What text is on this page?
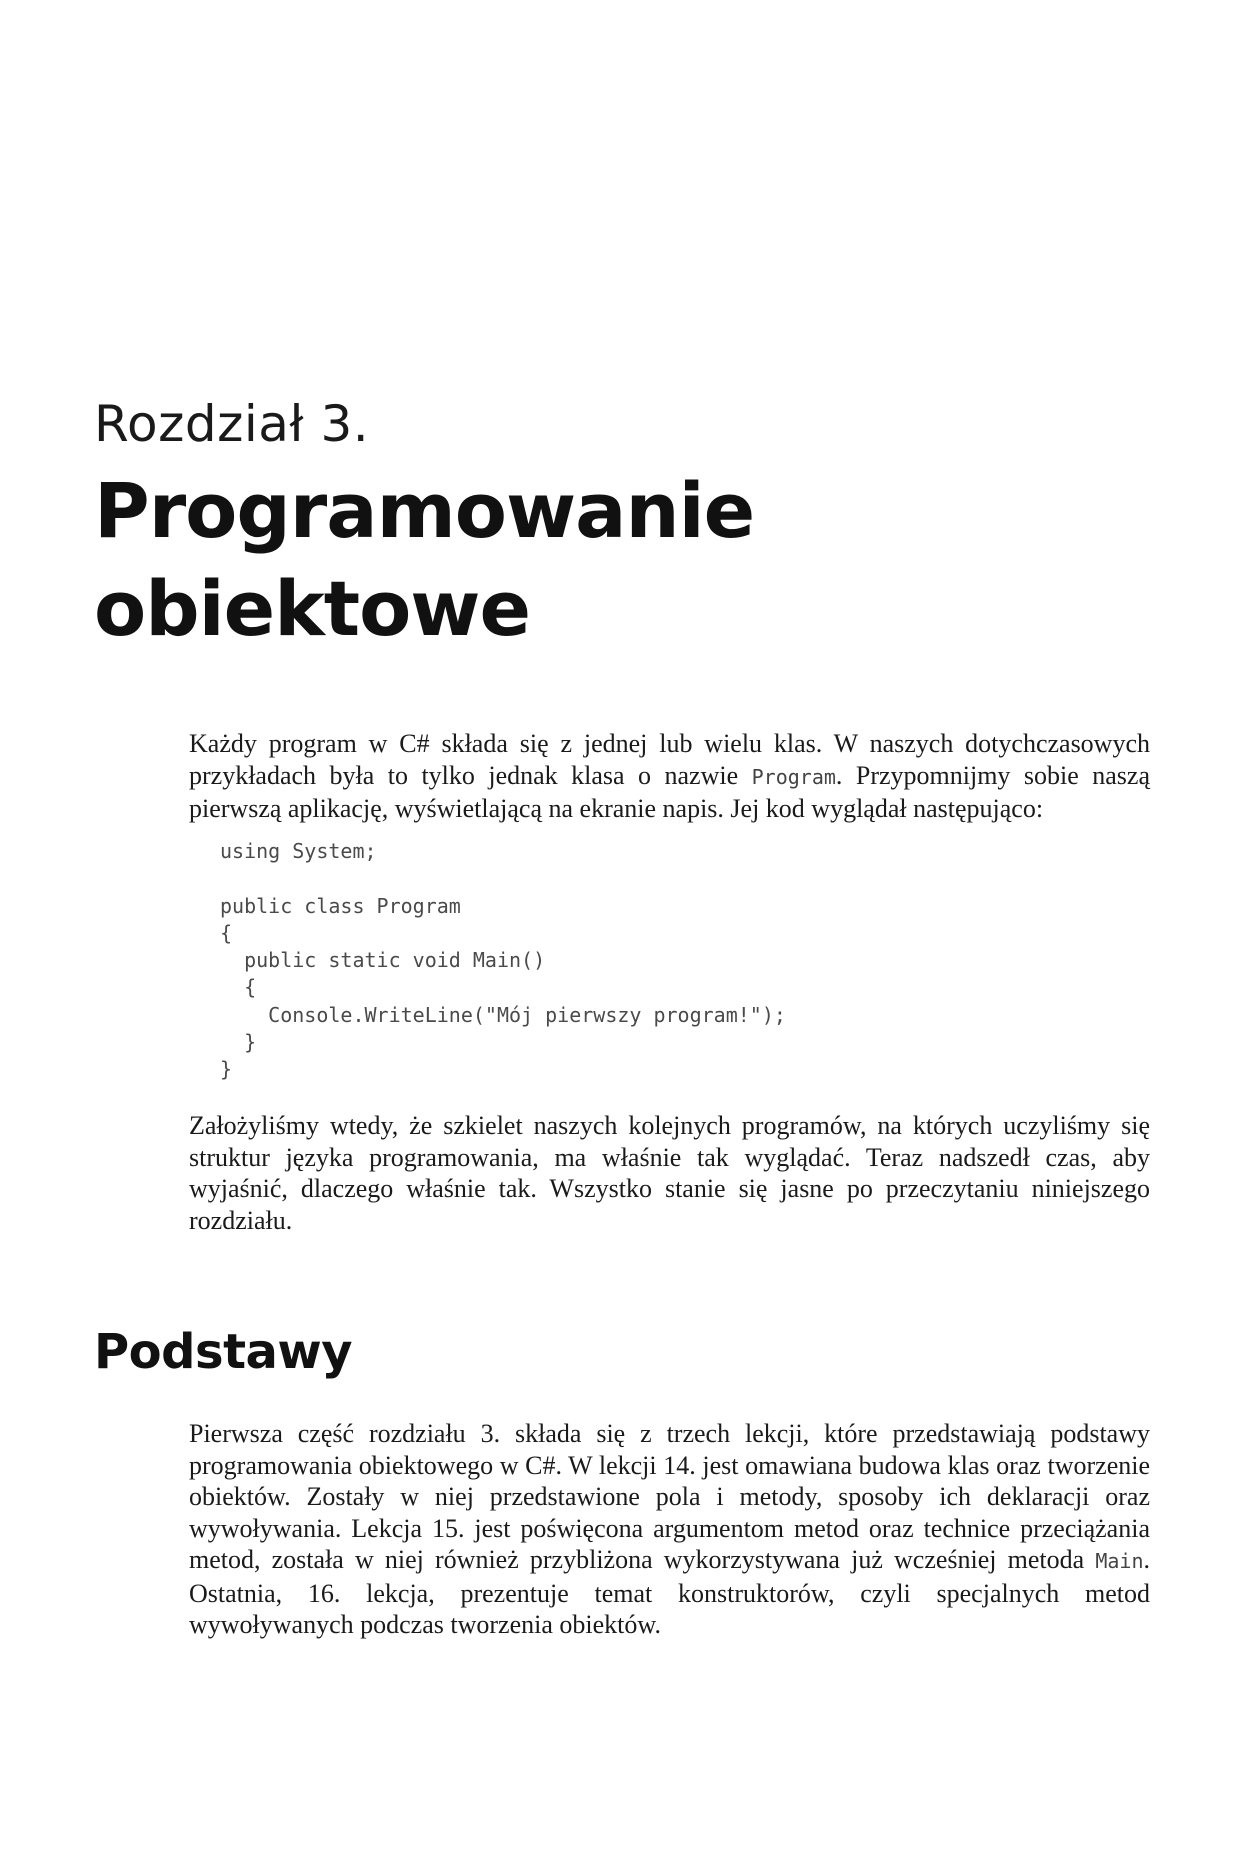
Rozdział 3.
Programowanie
obiektowe

Każdy program w C# składa się z jednej lub wielu klas. W naszych dotychczasowych przykładach była to tylko jednak klasa o nazwie Program. Przypomnijmy sobie naszą pierwszą aplikację, wyświetlającą na ekranie napis. Jej kod wyglądał następująco:

using System;
public class Program
{
public static void Main()
{
Console.WriteLine("Mój pierwszy program!");
}
}

Założyliśmy wtedy, że szkielet naszych kolejnych programów, na których uczyliśmy się struktur języka programowania, ma właśnie tak wyglądać. Teraz nadszedł czas, aby wyjaśnić, dlaczego właśnie tak. Wszystko stanie się jasne po przeczytaniu niniejszego rozdziału.

Podstawy

Pierwsza część rozdziału 3. składa się z trzech lekcji, które przedstawiają podstawy programowania obiektowego w C#. W lekcji 14. jest omawiana budowa klas oraz tworzenie obiektów. Zostały w niej przedstawione pola i metody, sposoby ich deklaracji oraz wywoływania. Lekcja 15. jest poświęcona argumentom metod oraz technice przeciążania metod, została w niej również przybliżona wykorzystywana już wcześniej metoda Main. Ostatnia, 16. lekcja, prezentuje temat konstruktorów, czyli specjalnych metod wywoływanych podczas tworzenia obiektów.
